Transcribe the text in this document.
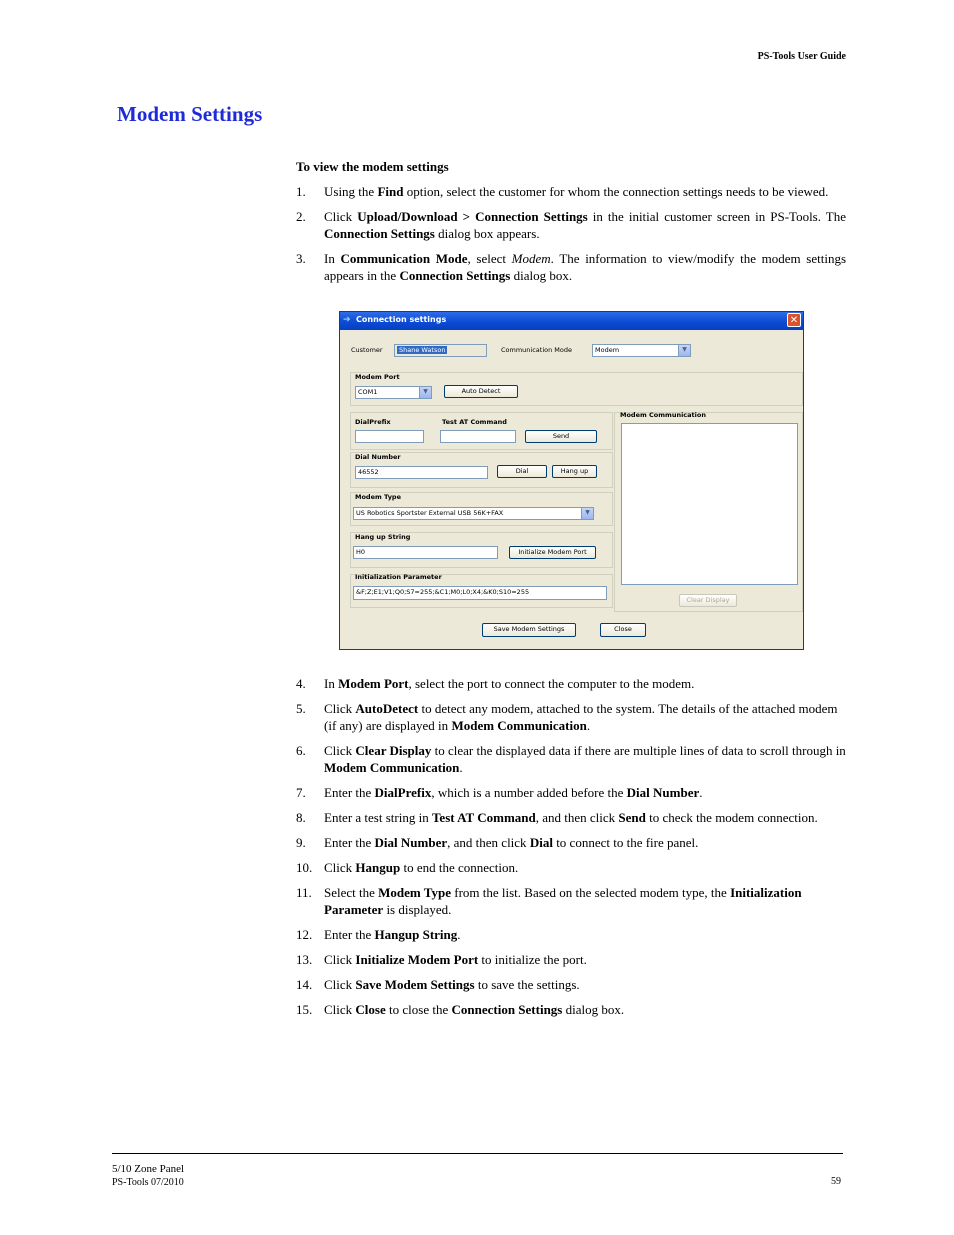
PS-Tools User Guide
Modem Settings
To view the modem settings
1. Using the Find option, select the customer for whom the connection settings needs to be viewed.
2. Click Upload/Download > Connection Settings in the initial customer screen in PS-Tools. The Connection Settings dialog box appears.
3. In Communication Mode, select Modem. The information to view/modify the modem settings appears in the Connection Settings dialog box.
➔ Connection settings	✕
Customer	Shane Watson	Communication Mode	Modem	▼
Modem Port
COM1	▼	Auto Detect
DialPrefix	Test AT Command
Send
Dial Number
46552	Dial	Hang up
Modem Type
US Robotics Sportster External USB 56K+FAX	▼
Hang up String
H0	Initialize Modem Port
Initialization Parameter
&F;Z;E1;V1;Q0;S7=255;&C1;M0;L0;X4;&K0;S10=255
Modem Communication
Clear Display
Save Modem Settings	Close
4. In Modem Port, select the port to connect the computer to the modem.
5. Click AutoDetect to detect any modem, attached to the system. The details of the attached modem (if any) are displayed in Modem Communication.
6. Click Clear Display to clear the displayed data if there are multiple lines of data to scroll through in Modem Communication.
7. Enter the DialPrefix, which is a number added before the Dial Number.
8. Enter a test string in Test AT Command, and then click Send to check the modem connection.
9. Enter the Dial Number, and then click Dial to connect to the fire panel.
10. Click Hangup to end the connection.
11. Select the Modem Type from the list. Based on the selected modem type, the Initialization Parameter is displayed.
12. Enter the Hangup String.
13. Click Initialize Modem Port to initialize the port.
14. Click Save Modem Settings to save the settings.
15. Click Close to close the Connection Settings dialog box.
5/10 Zone Panel
PS-Tools 07/2010	59
